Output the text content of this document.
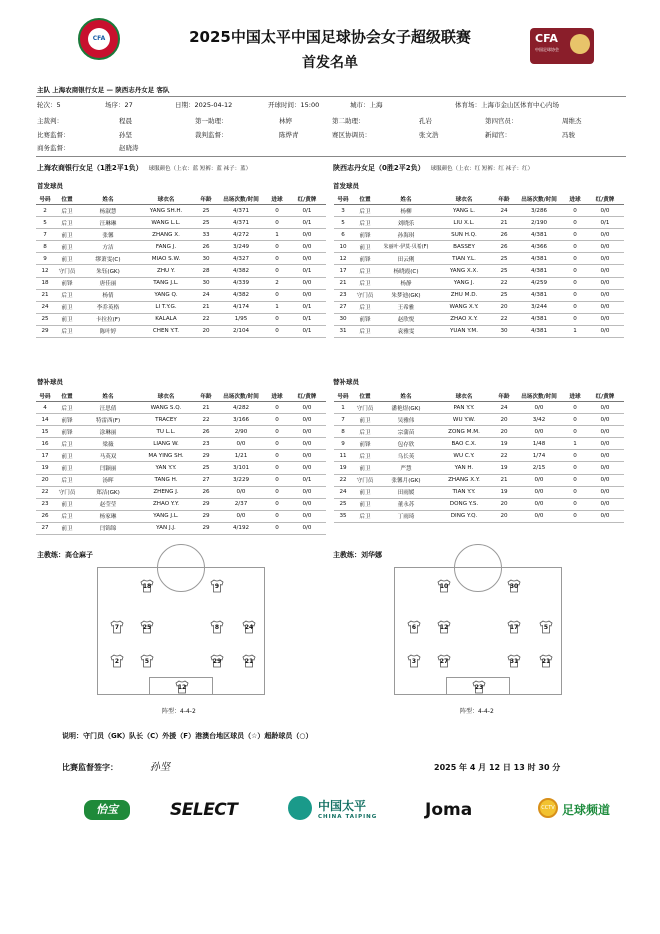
CFA	2025中国太平中国足球协会女子超级联赛
首发名单
CFA
中国足球协会
主队 上海农商银行女足 — 陕西志丹女足 客队
轮次：5	场序：27	日期：2025-04-12	开球时间：15:00	城市：上海	体育场：上海市金山区体育中心内场
主裁判：	程晨	第一助理：	林婷	第二助理：	孔岩	第四官员：	周维杰
比赛监督：	孙坚	裁判监督：	陈烨青	赛区协调员：	张文浩	新闻官：	冯骏
商务监督：	赵晓涛
上海农商银行女足（1胜2平1负） 球服颜色（上衣：蓝 短裤：蓝 袜子：蓝）
首发球员
陕西志丹女足（0胜2平2负） 球服颜色（上衣：红 短裤：红 袜子：红）
首发球员
号码	位置	姓名	球衣名	年龄	出场次数/时间	进球	红/黄牌
2	后卫	杨淑慧	YANG SH.H.	25	4/371	0	0/1
5	后卫	汪琳琳	WANG L.L.	25	4/371	0	0/1
7	前卫	张馨	ZHANG X.	33	4/272	1	0/0
8	前卫	方洁	FANG J.	26	3/249	0	0/0
9	前卫	缪萧雯(C)	MIAO S.W.	30	4/327	0	0/0
12	守门员	朱钰(GK)	ZHU Y.	28	4/382	0	0/1
18	前锋	唐佳丽	TANG J.L.	30	4/339	2	0/0
21	后卫	杨倩	YANG Q.	24	4/382	0	0/0
24	前卫	李乔英格	LI T.Y.G.	21	4/174	1	0/1
25	前卫	卡拉拉(F)	KALALA	22	1/95	0	0/1
29	后卫	陈叶婷	CHEN Y.T.	20	2/104	0	0/1
号码	位置	姓名	球衣名	年龄	出场次数/时间	进球	红/黄牌
3	后卫	杨柳	YANG L.	24	3/286	0	0/0
5	后卫	刘晓乐	LIU X.L.	21	2/190	0	0/1
6	前锋	孙海琪	SUN H.Q.	26	4/381	0	0/0
10	前卫	朱丽叶·伊莫·贝希(F)	BASSEY	26	4/366	0	0/0
12	前锋	田云俐	TIAN Y.L.	25	4/381	0	0/0
17	后卫	杨晓霞(C)	YANG X.X.	25	4/381	0	0/0
21	后卫	杨静	YANG J.	22	4/259	0	0/0
23	守门员	朱梦迪(GK)	ZHU M.D.	25	4/381	0	0/0
27	后卫	王希雅	WANG X.Y.	20	3/244	0	0/0
30	前锋	赵欣悦	ZHAO X.Y.	22	4/381	0	0/0
31	后卫	袁雅雯	YUAN Y.M.	30	4/381	1	0/0
替补球员	替补球员
号码	位置	姓名	球衣名	年龄	出场次数/时间	进球	红/黄牌
4	后卫	汪思倩	WANG S.Q.	21	4/282	0	0/0
14	前锋	特雷西(F)	TRACEY	22	3/166	0	0/0
15	前锋	涂琳丽	TU L.L.	26	2/90	0	0/0
16	后卫	梁薇	LIANG W.	23	0/0	0	0/0
17	前卫	马英双	MA YING SH.	29	1/21	0	0/0
19	前卫	闫颖丽	YAN Y.Y.	25	3/101	0	0/0
20	后卫	汤晖	TANG H.	27	3/229	0	0/1
22	守门员	郑洁(GK)	ZHENG J.	26	0/0	0	0/0
23	前卫	赵莹莹	ZHAO Y.Y.	29	2/37	0	0/0
26	后卫	杨家琳	YANG J.L.	29	0/0	0	0/0
27	前卫	闫锦锦	YAN J.J.	29	4/192	0	0/0
号码	位置	姓名	球衣名	年龄	出场次数/时间	进球	红/黄牌
1	守门员	潘艳煜(GK)	PAN Y.Y.	24	0/0	0	0/0
7	前卫	吴雅伟	WU Y.W.	20	3/42	0	0/0
8	后卫	宗蒲苗	ZONG M.M.	20	0/0	0	0/0
9	前锋	包存欣	BAO C.X.	19	1/48	1	0/0
11	后卫	乌长英	WU C.Y.	22	1/74	0	0/0
19	前卫	严慧	YAN H.	19	2/15	0	0/0
22	守门员	张馨月(GK)	ZHANG X.Y.	21	0/0	0	0/0
24	前卫	田雨媛	TIAN Y.Y.	19	0/0	0	0/0
25	前卫	董永苏	DONG Y.S.	20	0/0	0	0/0
35	后卫	丁雨琦	DING Y.Q.	20	0/0	0	0/0
主教练：高仓麻子	主教练：刘华娜
18	9
7	25	8	24
2	5	29	21
12
10	30
6	12	17	5
3	27	31	21
23
阵型：4-4-2	阵型：4-4-2
说明：守门员（GK）队长（C）外援（F）港澳台地区球员（☆）超龄球员（○）
比赛监督签字：	孙坚	2025 年 4 月 12 日 13 时 30 分
怡宝	SELECT	中国太平
CHINA TAIPING	Joma	CCTV 足球频道
